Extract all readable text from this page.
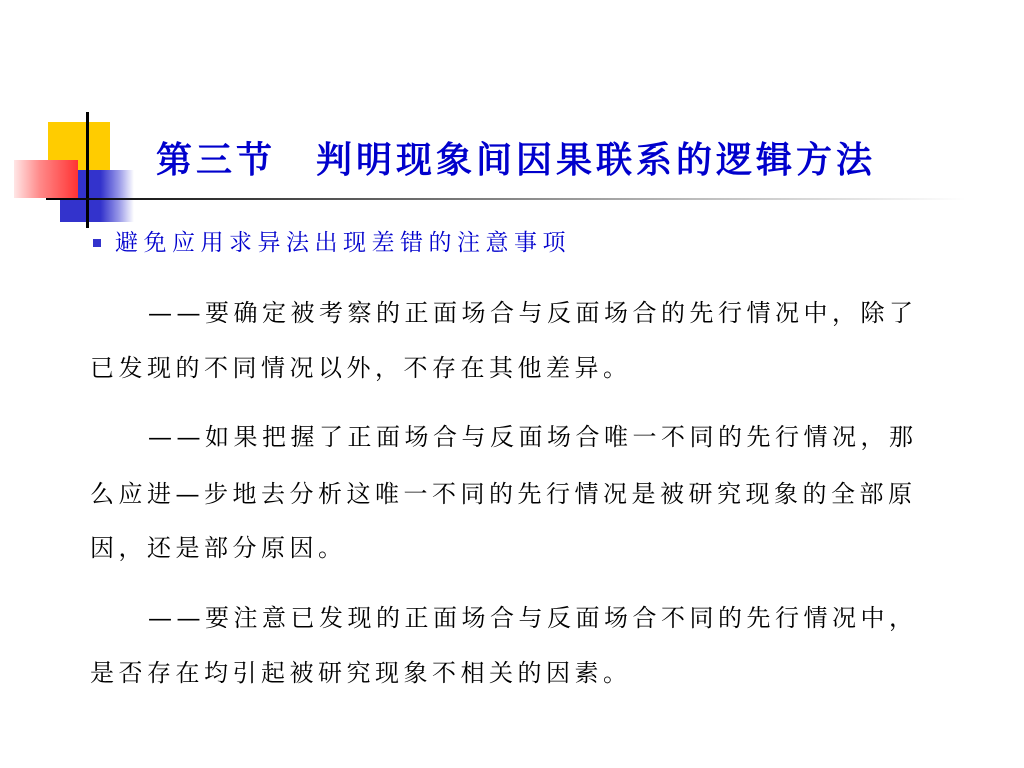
第三节　判明现象间因果联系的逻辑方法
避免应用求异法出现差错的注意事项
——要确定被考察的正面场合与反面场合的先行情况中，除了
已发现的不同情况以外，不存在其他差异。
——如果把握了正面场合与反面场合唯一不同的先行情况，那
么应进—步地去分析这唯一不同的先行情况是被研究现象的全部原
因，还是部分原因。
——要注意已发现的正面场合与反面场合不同的先行情况中，
是否存在均引起被研究现象不相关的因素。
